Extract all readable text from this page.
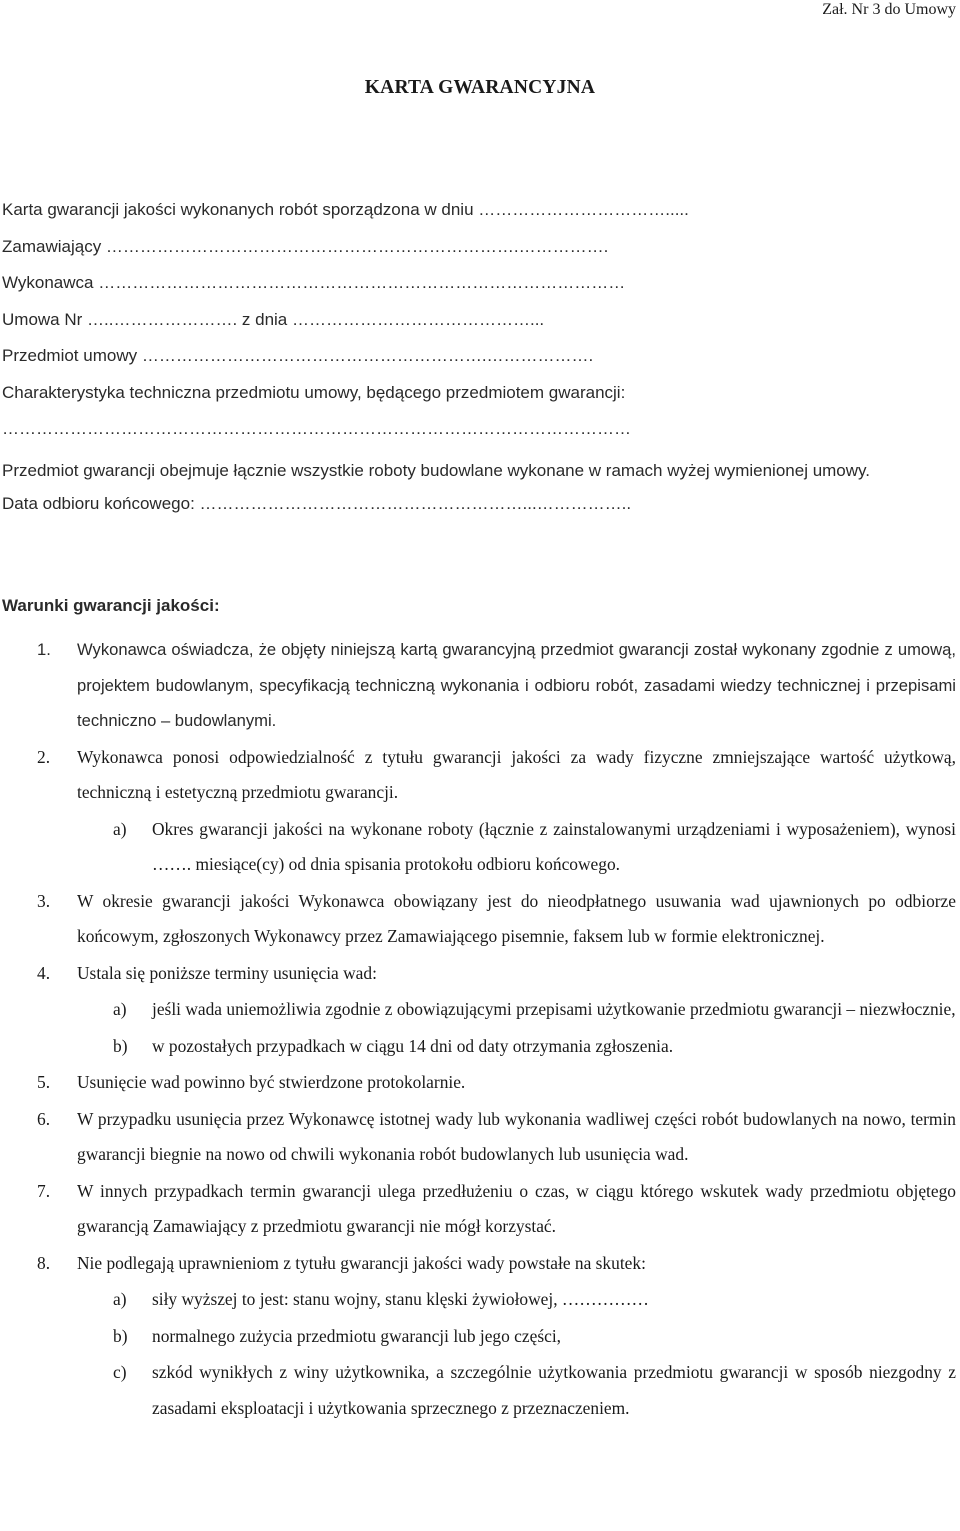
Zał. Nr 3 do Umowy
KARTA GWARANCYJNA
Karta gwarancji jakości wykonanych robót sporządzona w dniu …………………………….....
Zamawiający ……………………………………………………………….…………….
Wykonawca …………………………………………………………………………………
Umowa Nr …..…………………. z dnia ……………………………………...
Przedmiot umowy …………………………………………………….……………….
Charakterystyka techniczna przedmiotu umowy, będącego przedmiotem gwarancji:
…………………………………………………………………………………………………
Przedmiot gwarancji obejmuje łącznie wszystkie roboty budowlane wykonane w ramach wyżej wymienionej umowy.
Data odbioru końcowego: …………………………………………………...……………..
Warunki gwarancji jakości:
1. Wykonawca oświadcza, że objęty niniejszą kartą gwarancyjną przedmiot gwarancji został wykonany zgodnie z umową, projektem budowlanym, specyfikacją techniczną wykonania i odbioru robót, zasadami wiedzy technicznej i przepisami techniczno – budowlanymi.
2. Wykonawca ponosi odpowiedzialność z tytułu gwarancji jakości za wady fizyczne zmniejszające wartość użytkową, techniczną i estetyczną przedmiotu gwarancji.
a) Okres gwarancji jakości na wykonane roboty (łącznie z zainstalowanymi urządzeniami i wyposażeniem), wynosi ……. miesiące(cy) od dnia spisania protokołu odbioru końcowego.
3. W okresie gwarancji jakości Wykonawca obowiązany jest do nieodpłatnego usuwania wad ujawnionych po odbiorze końcowym, zgłoszonych Wykonawcy przez Zamawiającego pisemnie, faksem lub w formie elektronicznej.
4. Ustala się poniższe terminy usunięcia wad:
a) jeśli wada uniemożliwia zgodnie z obowiązującymi przepisami użytkowanie przedmiotu gwarancji – niezwłocznie,
b) w pozostałych przypadkach w ciągu 14 dni od daty otrzymania zgłoszenia.
5. Usunięcie wad powinno być stwierdzone protokolarnie.
6. W przypadku usunięcia przez Wykonawcę istotnej wady lub wykonania wadliwej części robót budowlanych na nowo, termin gwarancji biegnie na nowo od chwili wykonania robót budowlanych lub usunięcia wad.
7. W innych przypadkach termin gwarancji ulega przedłużeniu o czas, w ciągu którego wskutek wady przedmiotu objętego gwarancją Zamawiający z przedmiotu gwarancji nie mógł korzystać.
8. Nie podlegają uprawnieniom z tytułu gwarancji jakości wady powstałe na skutek:
a) siły wyższej to jest: stanu wojny, stanu klęski żywiołowej, ……………
b) normalnego zużycia przedmiotu gwarancji lub jego części,
c) szkód wynikłych z winy użytkownika, a szczególnie użytkowania przedmiotu gwarancji w sposób niezgodny z zasadami eksploatacji i użytkowania sprzecznego z przeznaczeniem.
